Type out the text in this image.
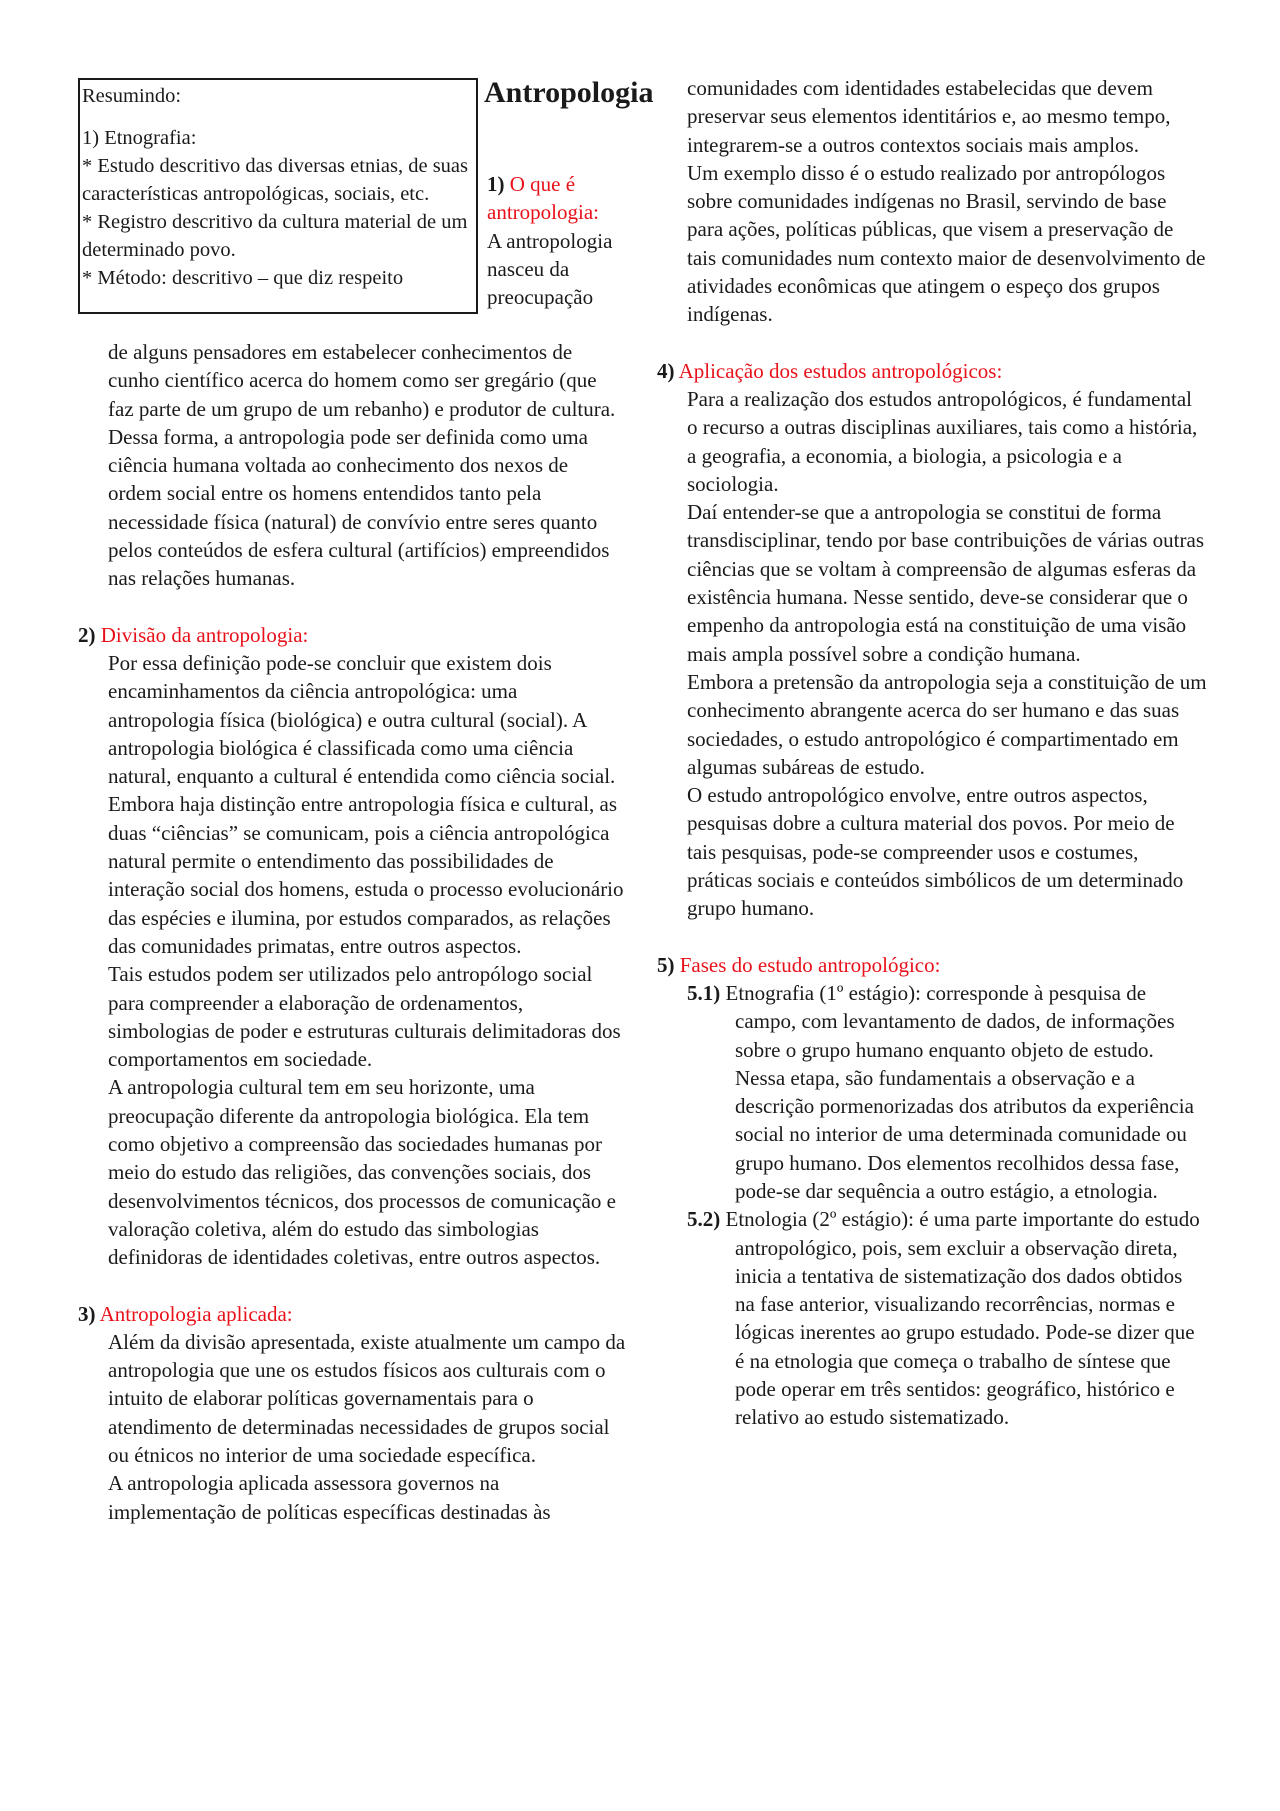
Resumindo:

1) Etnografia:

* Estudo descritivo das diversas etnias, de suas características antropológicas, sociais, etc.

* Registro descritivo da cultura material de um determinado povo.

* Método: descritivo – que diz respeito

Antropologia

1) O que é antropologia:

A antropologia nasceu da preocupação

de alguns pensadores em estabelecer conhecimentos de cunho científico acerca do homem como ser gregário (que faz parte de um grupo de um rebanho) e produtor de cultura. Dessa forma, a antropologia pode ser definida como uma ciência humana voltada ao conhecimento dos nexos de ordem social entre os homens entendidos tanto pela necessidade física (natural) de convívio entre seres quanto pelos conteúdos de esfera cultural (artifícios) empreendidos nas relações humanas.

2) Divisão da antropologia:

Por essa definição pode-se concluir que existem dois encaminhamentos da ciência antropológica: uma antropologia física (biológica) e outra cultural (social). A antropologia biológica é classificada como uma ciência natural, enquanto a cultural é entendida como ciência social.

Embora haja distinção entre antropologia física e cultural, as duas “ciências” se comunicam, pois a ciência antropológica natural permite o entendimento das possibilidades de interação social dos homens, estuda o processo evolucionário das espécies e ilumina, por estudos comparados, as relações das comunidades primatas, entre outros aspectos.

Tais estudos podem ser utilizados pelo antropólogo social para compreender a elaboração de ordenamentos, simbologias de poder e estruturas culturais delimitadoras dos comportamentos em sociedade.

A antropologia cultural tem em seu horizonte, uma preocupação diferente da antropologia biológica. Ela tem como objetivo a compreensão das sociedades humanas por meio do estudo das religiões, das convenções sociais, dos desenvolvimentos técnicos, dos processos de comunicação e valoração coletiva, além do estudo das simbologias definidoras de identidades coletivas, entre outros aspectos.

3) Antropologia aplicada:

Além da divisão apresentada, existe atualmente um campo da antropologia que une os estudos físicos aos culturais com o intuito de elaborar políticas governamentais para o atendimento de determinadas necessidades de grupos social ou étnicos no interior de uma sociedade específica.

A antropologia aplicada assessora governos na implementação de políticas específicas destinadas às

comunidades com identidades estabelecidas que devem preservar seus elementos identitários e, ao mesmo tempo, integrarem-se a outros contextos sociais mais amplos.

Um exemplo disso é o estudo realizado por antropólogos sobre comunidades indígenas no Brasil, servindo de base para ações, políticas públicas, que visem a preservação de tais comunidades num contexto maior de desenvolvimento de atividades econômicas que atingem o espeço dos grupos indígenas.

4) Aplicação dos estudos antropológicos:

Para a realização dos estudos antropológicos, é fundamental o recurso a outras disciplinas auxiliares, tais como a história, a geografia, a economia, a biologia, a psicologia e a sociologia.

Daí entender-se que a antropologia se constitui de forma transdisciplinar, tendo por base contribuições de várias outras ciências que se voltam à compreensão de algumas esferas da existência humana. Nesse sentido, deve-se considerar que o empenho da antropologia está na constituição de uma visão mais ampla possível sobre a condição humana.

Embora a pretensão da antropologia seja a constituição de um conhecimento abrangente acerca do ser humano e das suas sociedades, o estudo antropológico é compartimentado em algumas subáreas de estudo.

O estudo antropológico envolve, entre outros aspectos, pesquisas dobre a cultura material dos povos. Por meio de tais pesquisas, pode-se compreender usos e costumes, práticas sociais e conteúdos simbólicos de um determinado grupo humano.

5) Fases do estudo antropológico:

5.1) Etnografia (1º estágio): corresponde à pesquisa de campo, com levantamento de dados, de informações sobre o grupo humano enquanto objeto de estudo.

Nessa etapa, são fundamentais a observação e a descrição pormenorizadas dos atributos da experiência social no interior de uma determinada comunidade ou grupo humano. Dos elementos recolhidos dessa fase, pode-se dar sequência a outro estágio, a etnologia.

5.2) Etnologia (2º estágio): é uma parte importante do estudo antropológico, pois, sem excluir a observação direta, inicia a tentativa de sistematização dos dados obtidos na fase anterior, visualizando recorrências, normas e lógicas inerentes ao grupo estudado. Pode-se dizer que é na etnologia que começa o trabalho de síntese que pode operar em três sentidos: geográfico, histórico e relativo ao estudo sistematizado.
